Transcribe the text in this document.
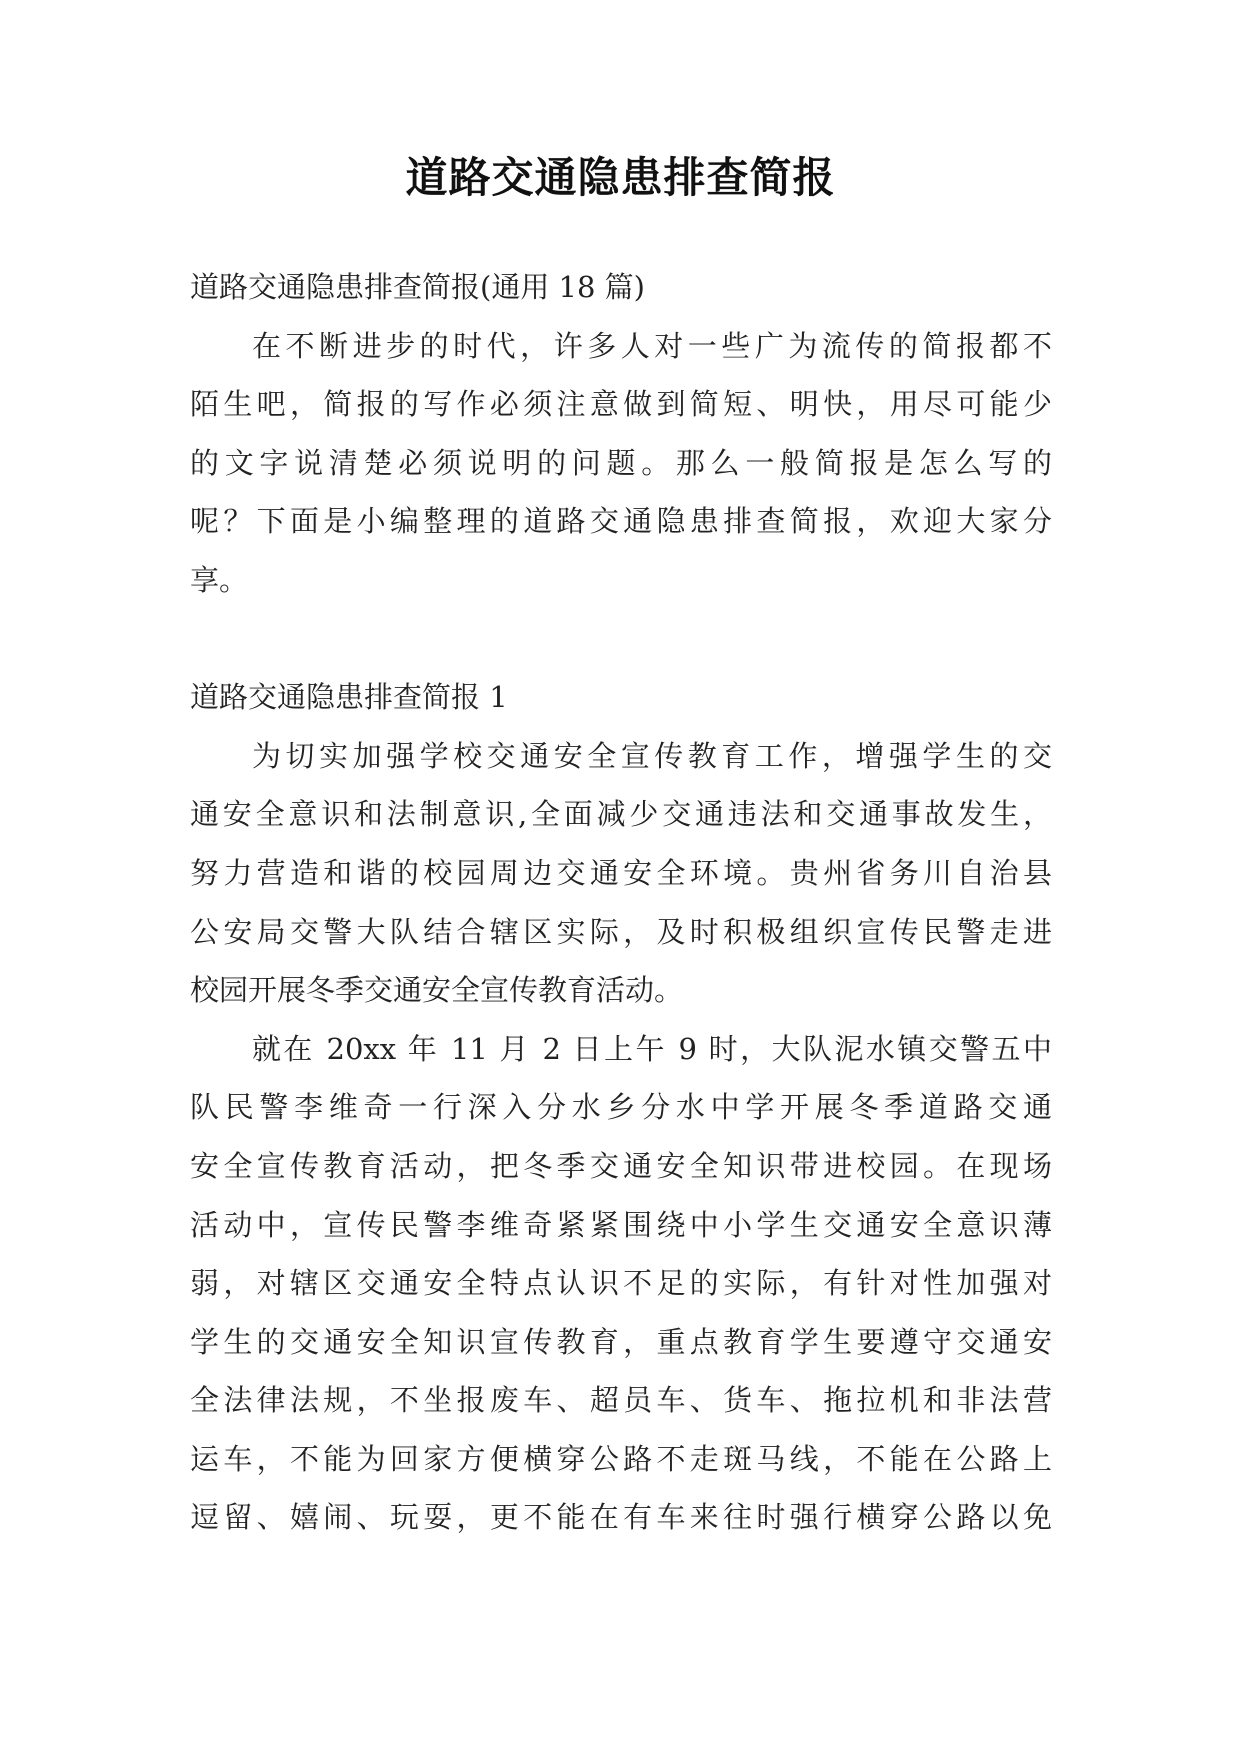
道路交通隐患排查简报
道路交通隐患排查简报(通用 18 篇)
在不断进步的时代，许多人对一些广为流传的简报都不
陌生吧，简报的写作必须注意做到简短、明快，用尽可能少
的文字说清楚必须说明的问题。那么一般简报是怎么写的
呢？下面是小编整理的道路交通隐患排查简报，欢迎大家分
享。
道路交通隐患排查简报 1
为切实加强学校交通安全宣传教育工作，增强学生的交
通安全意识和法制意识,全面减少交通违法和交通事故发生，
努力营造和谐的校园周边交通安全环境。贵州省务川自治县
公安局交警大队结合辖区实际，及时积极组织宣传民警走进
校园开展冬季交通安全宣传教育活动。
就在 20xx 年 11 月 2 日上午 9 时，大队泥水镇交警五中
队民警李维奇一行深入分水乡分水中学开展冬季道路交通
安全宣传教育活动，把冬季交通安全知识带进校园。在现场
活动中，宣传民警李维奇紧紧围绕中小学生交通安全意识薄
弱，对辖区交通安全特点认识不足的实际，有针对性加强对
学生的交通安全知识宣传教育，重点教育学生要遵守交通安
全法律法规，不坐报废车、超员车、货车、拖拉机和非法营
运车，不能为回家方便横穿公路不走斑马线，不能在公路上
逗留、嬉闹、玩耍，更不能在有车来往时强行横穿公路以免
